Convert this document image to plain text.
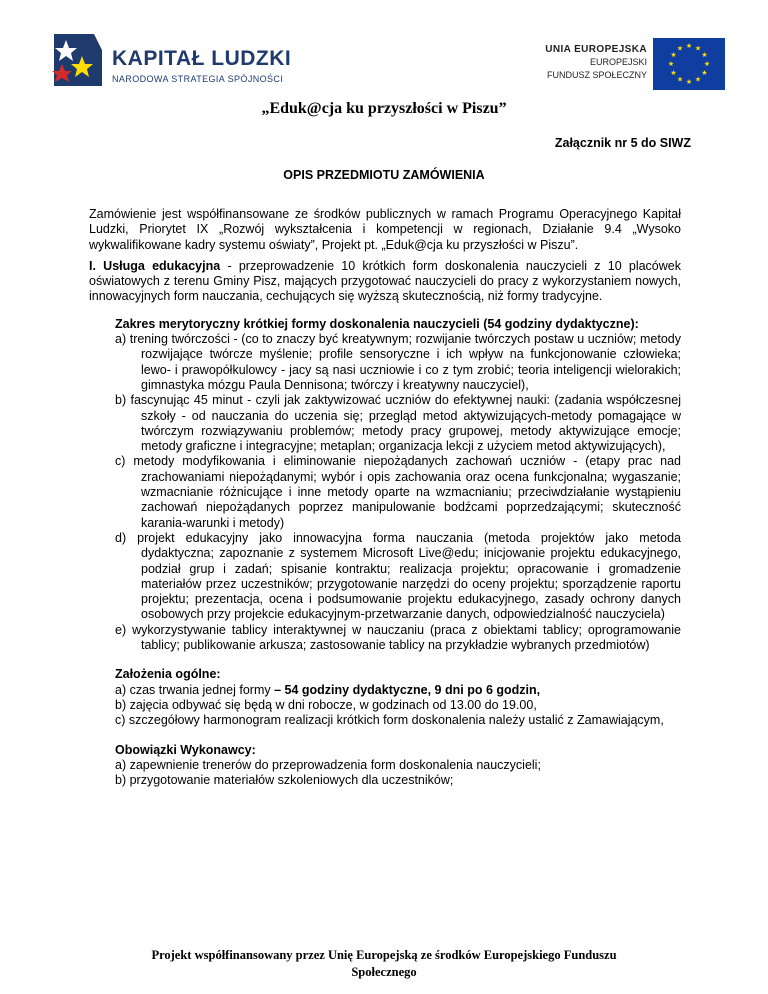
KAPITAŁ LUDZKI
NARODOWA STRATEGIA SPÓJNOŚCI
UNIA EUROPEJSKA
EUROPEJSKI
FUNDUSZ SPOŁECZNY
★ ★
★
★
★
★
★
★
★
★
★
★
„Eduk@cja ku przyszłości w Piszu”
Załącznik nr 5 do SIWZ
OPIS PRZEDMIOTU ZAMÓWIENIA

Zamówienie jest współfinansowane ze środków publicznych w ramach Programu Operacyjnego Kapitał Ludzki, Priorytet IX „Rozwój wykształcenia i kompetencji w regionach, Działanie 9.4 „Wysoko wykwalifikowane kadry systemu oświaty”, Projekt pt. „Eduk@cja ku przyszłości w Piszu”.

I. Usługa edukacyjna - przeprowadzenie 10 krótkich form doskonalenia nauczycieli z 10 placówek oświatowych z terenu Gminy Pisz, mających przygotować nauczycieli do pracy z wykorzystaniem nowych, innowacyjnych form nauczania, cechujących się wyższą skutecznością, niż formy tradycyjne.

Zakres merytoryczny krótkiej formy doskonalenia nauczycieli (54 godziny dydaktyczne):
a) trening twórczości - (co to znaczy być kreatywnym; rozwijanie twórczych postaw u uczniów; metody rozwijające twórcze myślenie; profile sensoryczne i ich wpływ na funkcjonowanie człowieka; lewo- i prawopółkulowcy - jacy są nasi uczniowie i co z tym zrobić; teoria inteligencji wielorakich; gimnastyka mózgu Paula Dennisona; twórczy i kreatywny nauczyciel),
b) fascynując 45 minut - czyli jak zaktywizować uczniów do efektywnej nauki: (zadania współczesnej szkoły - od nauczania do uczenia się; przegląd metod aktywizujących-metody pomagające w twórczym rozwiązywaniu problemów; metody pracy grupowej, metody aktywizujące emocje; metody graficzne i integracyjne; metaplan; organizacja lekcji z użyciem metod aktywizujących),
c) metody modyfikowania i eliminowanie niepożądanych zachowań uczniów - (etapy prac nad zrachowaniami niepożądanymi; wybór i opis zachowania oraz ocena funkcjonalna; wygaszanie; wzmacnianie różnicujące i inne metody oparte na wzmacnianiu; przeciwdziałanie wystąpieniu zachowań niepożądanych poprzez manipulowanie bodźcami poprzedzającymi; skuteczność karania-warunki i metody)
d) projekt edukacyjny jako innowacyjna forma nauczania (metoda projektów jako metoda dydaktyczna; zapoznanie z systemem Microsoft Live@edu; inicjowanie projektu edukacyjnego, podział grup i zadań; spisanie kontraktu; realizacja projektu; opracowanie i gromadzenie materiałów przez uczestników; przygotowanie narzędzi do oceny projektu; sporządzenie raportu projektu; prezentacja, ocena i podsumowanie projektu edukacyjnego, zasady ochrony danych osobowych przy projekcie edukacyjnym-przetwarzanie danych, odpowiedzialność nauczyciela)
e) wykorzystywanie tablicy interaktywnej w nauczaniu (praca z obiektami tablicy; oprogramowanie tablicy; publikowanie arkusza; zastosowanie tablicy na przykładzie wybranych przedmiotów)
Założenia ogólne:
a) czas trwania jednej formy – 54 godziny dydaktyczne, 9 dni po 6 godzin,
b) zajęcia odbywać się będą w dni robocze, w godzinach od 13.00 do 19.00,
c) szczegółowy harmonogram realizacji krótkich form doskonalenia należy ustalić z Zamawiającym,
Obowiązki Wykonawcy:
a) zapewnienie trenerów do przeprowadzenia form doskonalenia nauczycieli;
b) przygotowanie materiałów szkoleniowych dla uczestników;
Projekt współfinansowany przez Unię Europejską ze środków Europejskiego Funduszu
Społecznego
